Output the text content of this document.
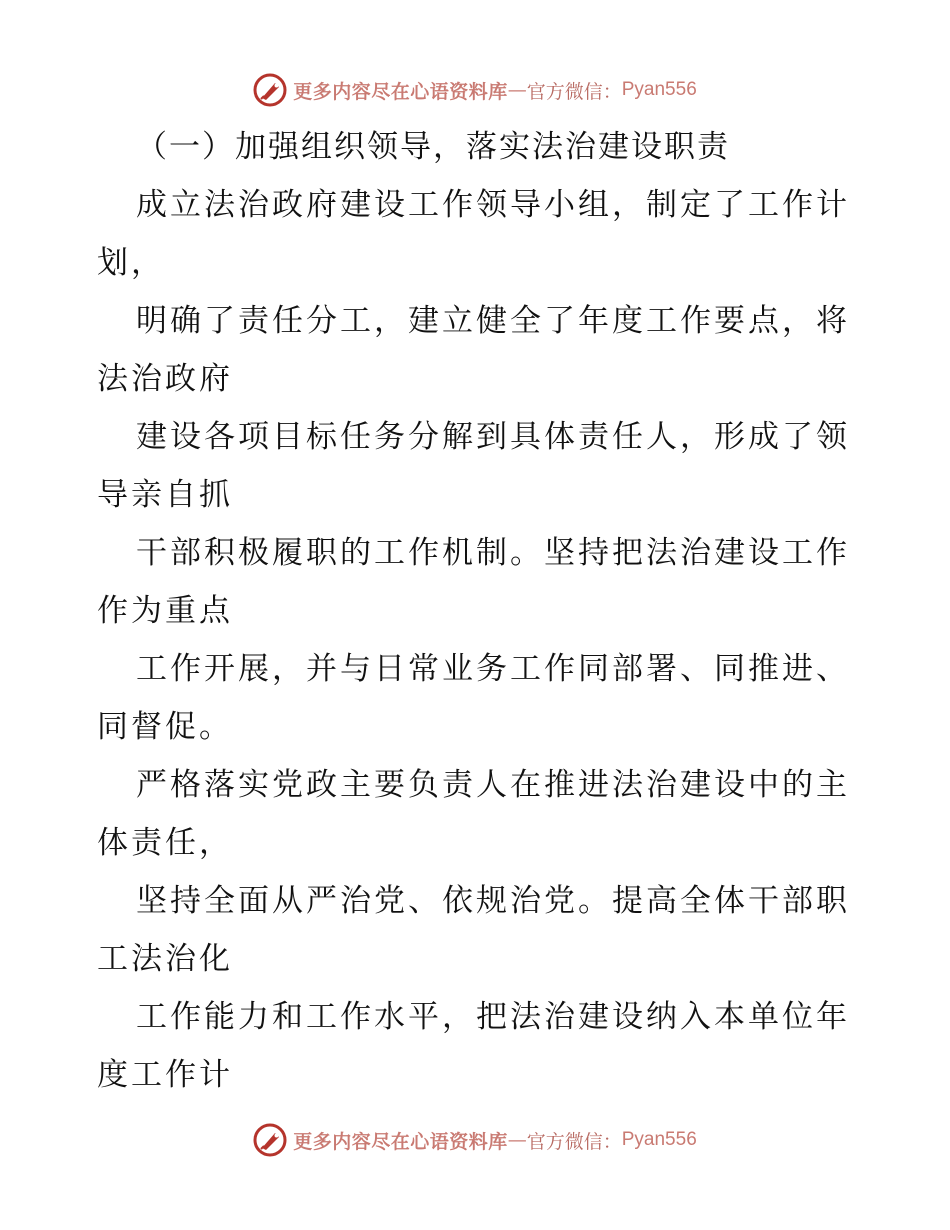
更多内容尽在心语资料库 — 官方微信： Pyan556
（一）加强组织领导，落实法治建设职责
成立法治政府建设工作领导小组，制定了工作计
划，
明确了责任分工，建立健全了年度工作要点，将
法治政府
建设各项目标任务分解到具体责任人，形成了领
导亲自抓
干部积极履职的工作机制。坚持把法治建设工作
作为重点
工作开展，并与日常业务工作同部署、同推进、
同督促。
严格落实党政主要负责人在推进法治建设中的主
体责任，
坚持全面从严治党、依规治党。提高全体干部职
工法治化
工作能力和工作水平，把法治建设纳入本单位年
度工作计
更多内容尽在心语资料库 — 官方微信： Pyan556
